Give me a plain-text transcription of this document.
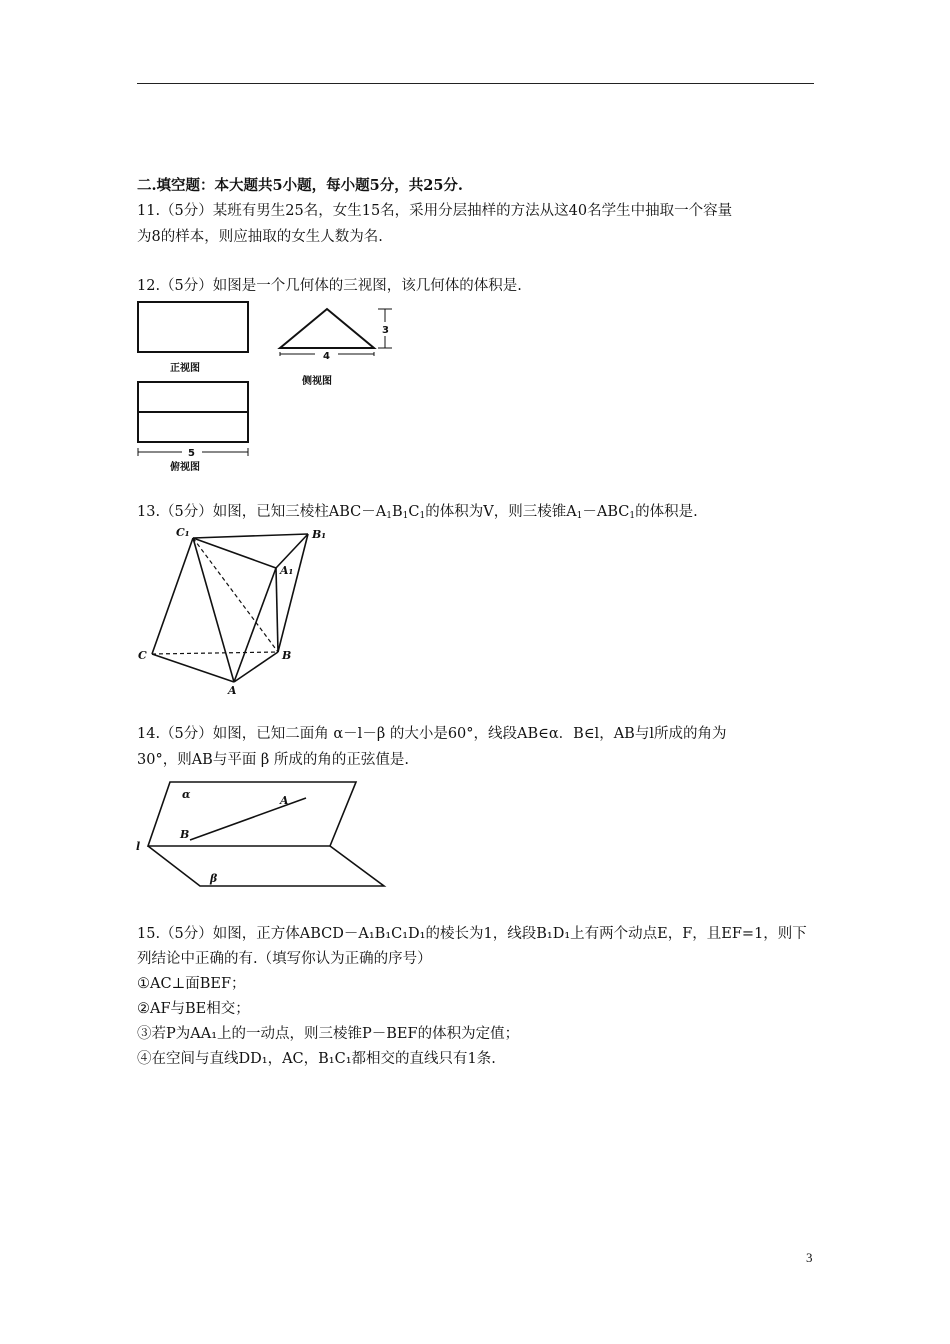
二.填空题：本大题共5小题，每小题5分，共25分.
11.（5分）某班有男生25名，女生15名，采用分层抽样的方法从这40名学生中抽取一个容量
为8的样本，则应抽取的女生人数为名.
12.（5分）如图是一个几何体的三视图，该几何体的体积是.
正视图
4
3
侧视图
5
俯视图
13.（5分）如图，已知三棱柱$ABC-A_1B_1C_1$的体积为V，则三棱锥$A_1-ABC_1$的体积是.
C₁	B₁
A₁
C	B
A
14.（5分）如图，已知二面角 α－l－β 的大小是60°，线段AB∈α．B∈l，AB与l所成的角为
30°，则AB与平面 β 所成的角的正弦值是.
α	A
B
l
β
15.（5分）如图，正方体ABCD－A₁B₁C₁D₁的棱长为1，线段B₁D₁上有两个动点E，F，且EF=1，则下
列结论中正确的有.（填写你认为正确的序号）
①AC⊥面BEF；
②AF与BE相交；
③若P为AA₁上的一动点，则三棱锥P－BEF的体积为定值；
④在空间与直线DD₁，AC，B₁C₁都相交的直线只有1条.
3
